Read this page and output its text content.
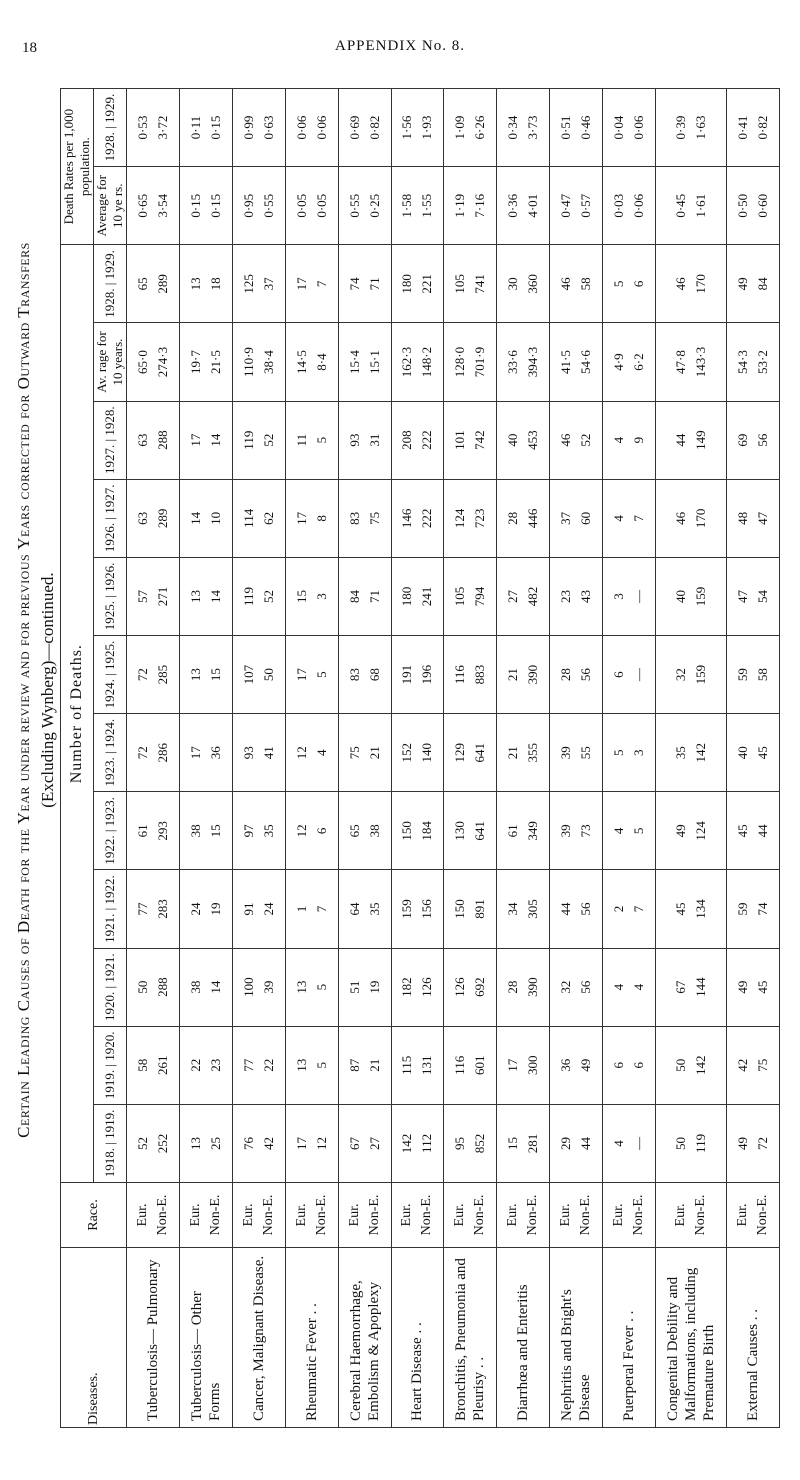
18	APPENDIX No. 8.
Certain Leading Causes of Death for the Year under review and for previous Years corrected for Outward Transfers (Excluding Wynberg)—continued.
Diseases.	Race.	Number of Deaths.												Death Rates per 1,000 population.	
		1918. | 1919.	1919. | 1920.	1920. | 1921.	1921. | 1922.	1922. | 1923.	1923. | 1924.	1924. | 1925.	1925. | 1926.	1926. | 1927.	1927. | 1928.	Av. rage for 10 years.	1928. | 1929.	Average for 10 ye rs.	1928. | 1929.
Tuberculosis— Pulmonary	Eur. Non-E.	52 252	58 261	50 288	77 283	61 293	72 286	72 285	57 271	63 289	63 288	65·0 274·3	65 289	0·65 3·54	0·53 3·72

Tuberculosis— Other Forms	Eur. Non-E.	13 25	22 23	38 14	24 19	38 15	17 36	13 15	13 14	14 10	17 14	19·7 21·5	13 18	0·15 0·15	0·11 0·15

Cancer, Malignant Disease.	Eur. Non-E.	76 42	77 22	100 39	91 24	97 35	93 41	107 50	119 52	114 62	119 52	110·9 38·4	125 37	0·95 0·55	0·99 0·63

Rheumatic Fever . .	Eur. Non-E.	17 12	13 5	13 5	1 7	12 6	12 4	17 5	15 3	17 8	11 5	14·5 8·4	17 7	0·05 0·05	0·06 0·06

Cerebral Haemorrhage, Embolism & Apoplexy	Eur. Non-E.	67 27	87 21	51 19	64 35	65 38	75 21	83 68	84 71	83 75	93 31	15·4 15·1	74 71	0·55 0·25	0·69 0·82

Heart Disease . .	Eur. Non-E.	142 112	115 131	182 126	159 156	150 184	152 140	191 196	180 241	146 222	208 222	162·3 148·2	180 221	1·58 1·55	1·56 1·93

Bronchitis, Pneumonia and Pleurisy . .	Eur. Non-E.	95 852	116 601	126 692	150 891	130 641	129 641	116 883	105 794	124 723	101 742	128·0 701·9	105 741	1·19 7·16	1·09 6·26

Diarrhœa and Enteritis	Eur. Non-E.	15 281	17 300	28 390	34 305	61 349	21 355	21 390	27 482	28 446	40 453	33·6 394·3	30 360	0·36 4·01	0·34 3·73

Nephritis and Bright's Disease	Eur. Non-E.	29 44	36 49	32 56	44 56	39 73	39 55	28 56	23 43	37 60	46 52	41·5 54·6	46 58	0·47 0·57	0·51 0·46

Puerperal Fever . .	Eur. Non-E.	4 —	6 6	4 4	2 7	4 5	5 3	6 —	3 —	4 7	4 9	4·9 6·2	5 6	0·03 0·06	0·04 0·06

Congenital Debility and Malformations, including Premature Birth	Eur. Non-E.	50 119	50 142	67 144	45 134	49 124	35 142	32 159	40 159	46 170	44 149	47·8 143·3	46 170	0·45 1·61	0·39 1·63

External Causes . .	Eur. Non-E.	49 72	42 75	49 45	59 74	45 44	40 45	59 58	47 54	48 47	69 56	54·3 53·2	49 84	0·50 0·60	0·41 0·82
